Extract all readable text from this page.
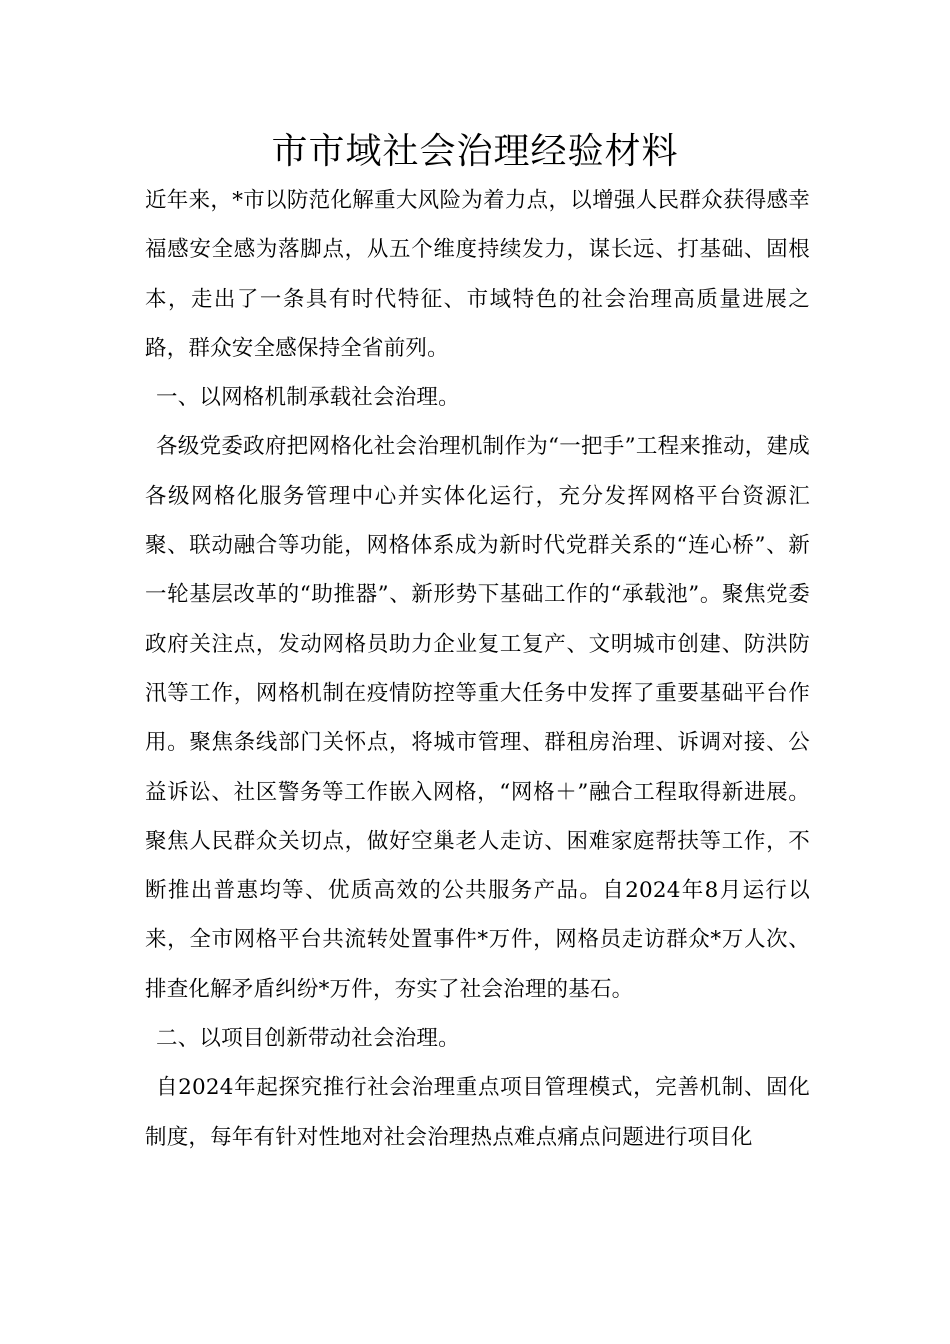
市市域社会治理经验材料

近年来，*市以防范化解重大风险为着力点，以增强人民群众获得感幸福感安全感为落脚点，从五个维度持续发力，谋长远、打基础、固根本，走出了一条具有时代特征、市域特色的社会治理高质量进展之路，群众安全感保持全省前列。

一、以网格机制承载社会治理。

各级党委政府把网格化社会治理机制作为“一把手”工程来推动，建成各级网格化服务管理中心并实体化运行，充分发挥网格平台资源汇聚、联动融合等功能，网格体系成为新时代党群关系的“连心桥”、新一轮基层改革的“助推器”、新形势下基础工作的“承载池”。聚焦党委政府关注点，发动网格员助力企业复工复产、文明城市创建、防洪防汛等工作，网格机制在疫情防控等重大任务中发挥了重要基础平台作用。聚焦条线部门关怀点，将城市管理、群租房治理、诉调对接、公益诉讼、社区警务等工作嵌入网格，“网格＋”融合工程取得新进展。聚焦人民群众关切点，做好空巢老人走访、困难家庭帮扶等工作，不断推出普惠均等、优质高效的公共服务产品。自2024年8月运行以来，全市网格平台共流转处置事件*万件，网格员走访群众*万人次、排查化解矛盾纠纷*万件，夯实了社会治理的基石。

二、以项目创新带动社会治理。

自2024年起探究推行社会治理重点项目管理模式，完善机制、固化制度，每年有针对性地对社会治理热点难点痛点问题进行项目化
